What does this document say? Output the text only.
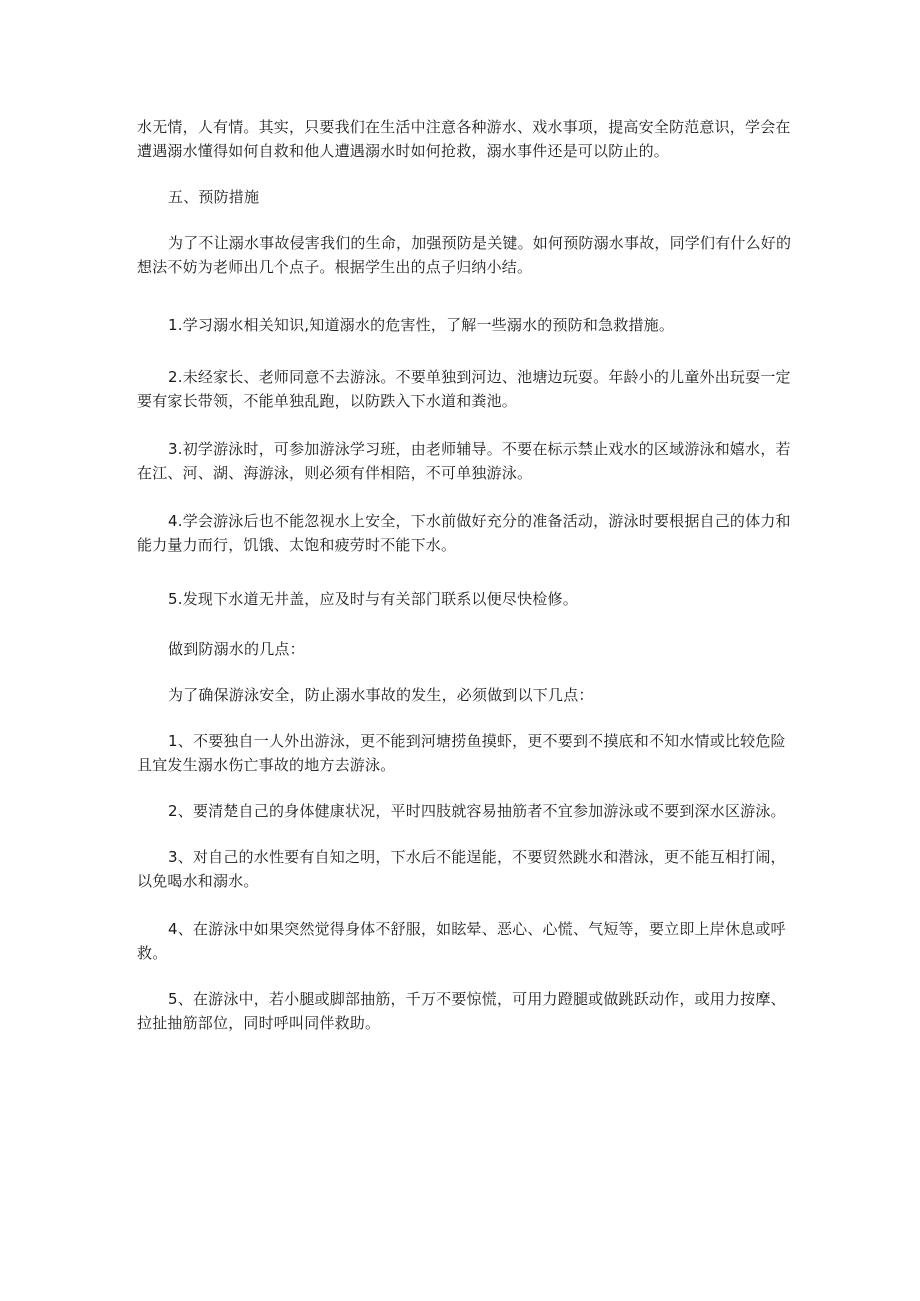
水无情，人有情。其实，只要我们在生活中注意各种游水、戏水事项，提高安全防范意识，学会在遭遇溺水懂得如何自救和他人遭遇溺水时如何抢救，溺水事件还是可以防止的。

五、预防措施

为了不让溺水事故侵害我们的生命，加强预防是关键。如何预防溺水事故，同学们有什么好的想法不妨为老师出几个点子。根据学生出的点子归纳小结。

1.学习溺水相关知识,知道溺水的危害性，了解一些溺水的预防和急救措施。

2.未经家长、老师同意不去游泳。不要单独到河边、池塘边玩耍。年龄小的儿童外出玩耍一定要有家长带领，不能单独乱跑，以防跌入下水道和粪池。

3.初学游泳时，可参加游泳学习班，由老师辅导。不要在标示禁止戏水的区域游泳和嬉水，若在江、河、湖、海游泳，则必须有伴相陪，不可单独游泳。

4.学会游泳后也不能忽视水上安全，下水前做好充分的准备活动，游泳时要根据自己的体力和能力量力而行，饥饿、太饱和疲劳时不能下水。

5.发现下水道无井盖，应及时与有关部门联系以便尽快检修。

做到防溺水的几点：

为了确保游泳安全，防止溺水事故的发生，必须做到以下几点：

1、不要独自一人外出游泳，更不能到河塘捞鱼摸虾，更不要到不摸底和不知水情或比较危险且宜发生溺水伤亡事故的地方去游泳。

2、要清楚自己的身体健康状况，平时四肢就容易抽筋者不宜参加游泳或不要到深水区游泳。

3、对自己的水性要有自知之明，下水后不能逞能，不要贸然跳水和潜泳，更不能互相打闹，以免喝水和溺水。

4、在游泳中如果突然觉得身体不舒服，如眩晕、恶心、心慌、气短等，要立即上岸休息或呼救。

5、在游泳中，若小腿或脚部抽筋，千万不要惊慌，可用力蹬腿或做跳跃动作，或用力按摩、拉扯抽筋部位，同时呼叫同伴救助。
